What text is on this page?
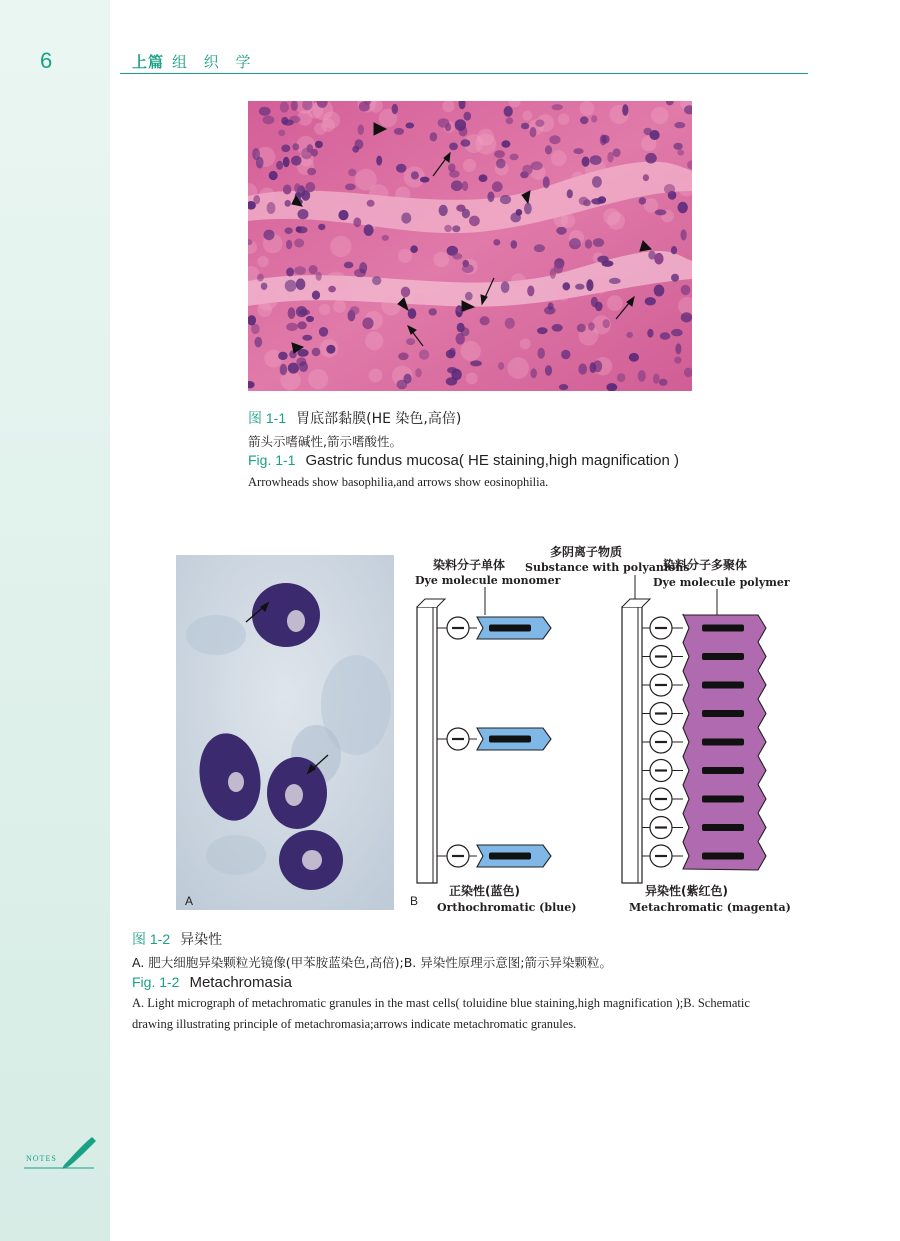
6	上篇 组 织 学
图 1-1 胃底部黏膜(HE 染色,高倍)
箭头示嗜碱性,箭示嗜酸性。
Fig. 1-1 Gastric fundus mucosa( HE staining,high magnification )
Arrowheads show basophilia,and arrows show eosinophilia.
A	B
多阴离子物质
Substance with polyanions
染料分子单体
Dye molecule monomer
染料分子多聚体
Dye molecule polymer
正染性(蓝色)
Orthochromatic (blue)
异染性(紫红色)
Metachromatic (magenta)
图 1-2 异染性
A. 肥大细胞异染颗粒光镜像(甲苯胺蓝染色,高倍);B. 异染性原理示意图;箭示异染颗粒。
Fig. 1-2 Metachromasia
A. Light micrograph of metachromatic granules in the mast cells( toluidine blue staining,high magnification );B. Schematic
drawing illustrating principle of metachromasia;arrows indicate metachromatic granules.
NOTES
